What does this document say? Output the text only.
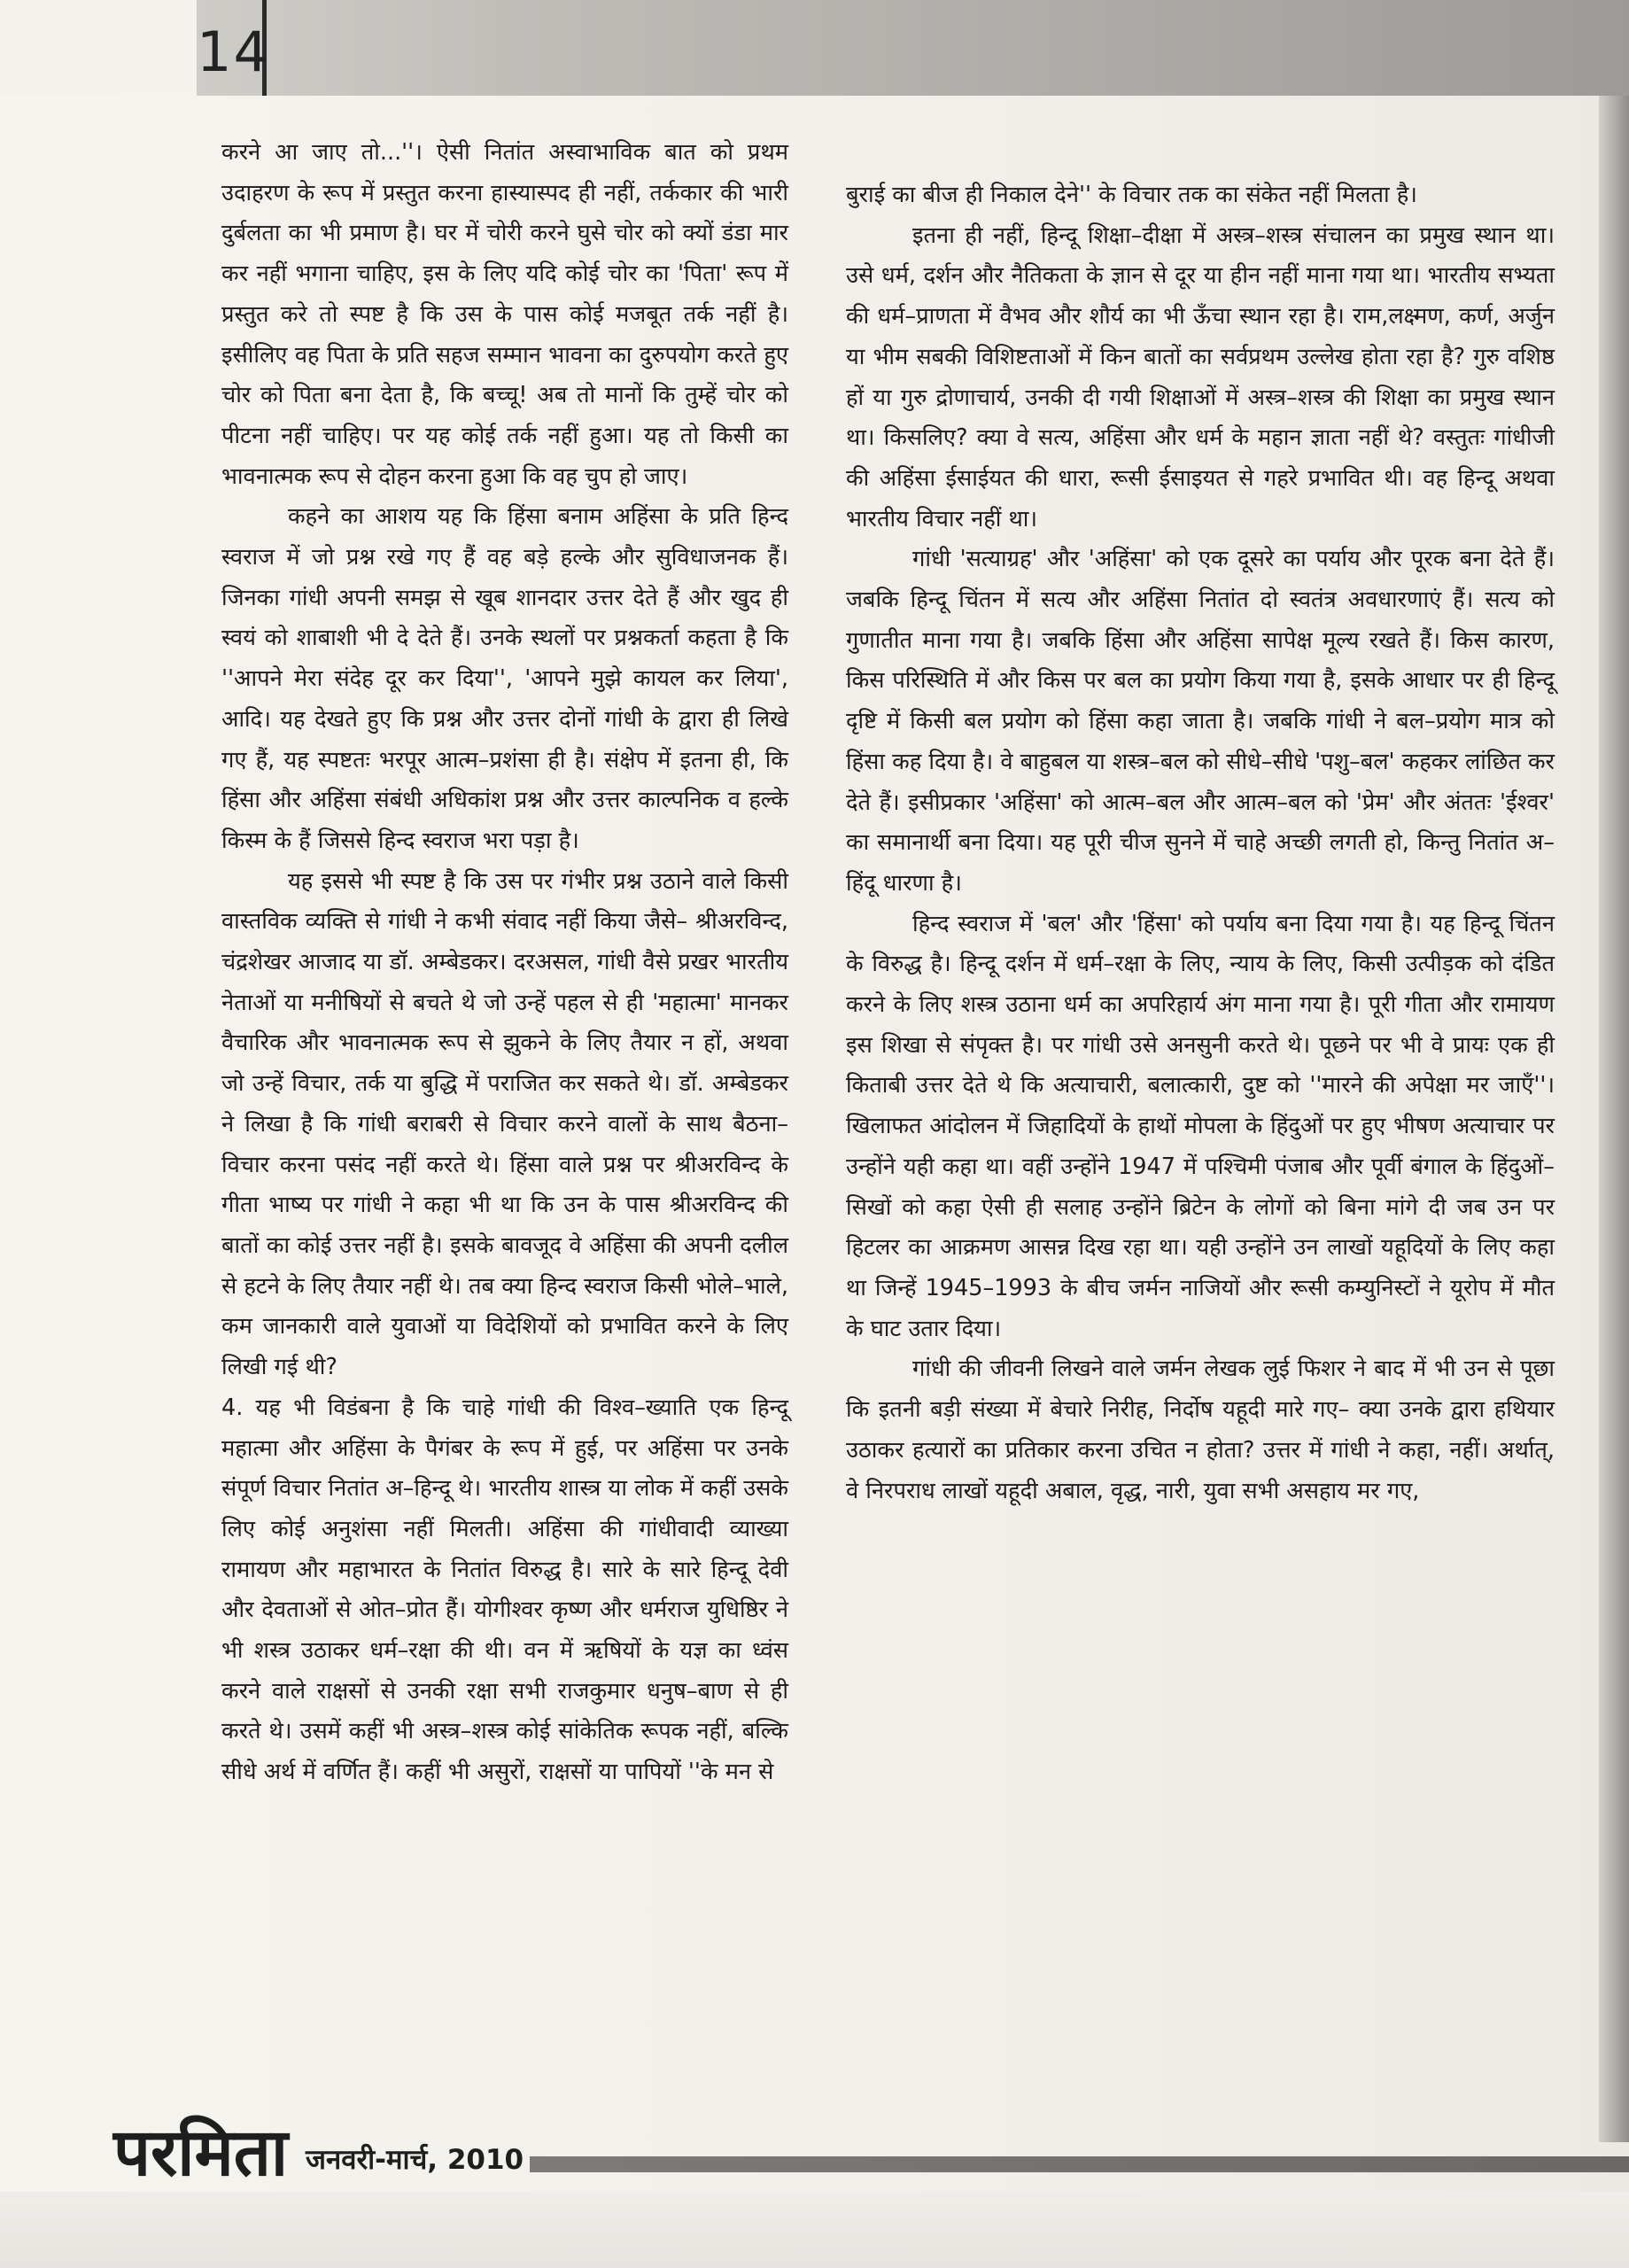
14

करने आ जाए तो...''। ऐसी नितांत अस्वाभाविक बात को प्रथम उदाहरण के रूप में प्रस्तुत करना हास्यास्पद ही नहीं, तर्ककार की भारी दुर्बलता का भी प्रमाण है। घर में चोरी करने घुसे चोर को क्यों डंडा मार कर नहीं भगाना चाहिए, इस के लिए यदि कोई चोर का 'पिता' रूप में प्रस्तुत करे तो स्पष्ट है कि उस के पास कोई मजबूत तर्क नहीं है। इसीलिए वह पिता के प्रति सहज सम्मान भावना का दुरुपयोग करते हुए चोर को पिता बना देता है, कि बच्चू! अब तो मानों कि तुम्हें चोर को पीटना नहीं चाहिए। पर यह कोई तर्क नहीं हुआ। यह तो किसी का भावनात्मक रूप से दोहन करना हुआ कि वह चुप हो जाए।

कहने का आशय यह कि हिंसा बनाम अहिंसा के प्रति हिन्द स्वराज में जो प्रश्न रखे गए हैं वह बड़े हल्के और सुविधाजनक हैं। जिनका गांधी अपनी समझ से खूब शानदार उत्तर देते हैं और खुद ही स्वयं को शाबाशी भी दे देते हैं। उनके स्थलों पर प्रश्नकर्ता कहता है कि ''आपने मेरा संदेह दूर कर दिया'', 'आपने मुझे कायल कर लिया', आदि। यह देखते हुए कि प्रश्न और उत्तर दोनों गांधी के द्वारा ही लिखे गए हैं, यह स्पष्टतः भरपूर आत्म–प्रशंसा ही है। संक्षेप में इतना ही, कि हिंसा और अहिंसा संबंधी अधिकांश प्रश्न और उत्तर काल्पनिक व हल्के किस्म के हैं जिससे हिन्द स्वराज भरा पड़ा है।

यह इससे भी स्पष्ट है कि उस पर गंभीर प्रश्न उठाने वाले किसी वास्तविक व्यक्ति से गांधी ने कभी संवाद नहीं किया जैसे– श्रीअरविन्द, चंद्रशेखर आजाद या डॉ. अम्बेडकर। दरअसल, गांधी वैसे प्रखर भारतीय नेताओं या मनीषियों से बचते थे जो उन्हें पहल से ही 'महात्मा' मानकर वैचारिक और भावनात्मक रूप से झुकने के लिए तैयार न हों, अथवा जो उन्हें विचार, तर्क या बुद्धि में पराजित कर सकते थे। डॉ. अम्बेडकर ने लिखा है कि गांधी बराबरी से विचार करने वालों के साथ बैठना–विचार करना पसंद नहीं करते थे। हिंसा वाले प्रश्न पर श्रीअरविन्द के गीता भाष्य पर गांधी ने कहा भी था कि उन के पास श्रीअरविन्द की बातों का कोई उत्तर नहीं है। इसके बावजूद वे अहिंसा की अपनी दलील से हटने के लिए तैयार नहीं थे। तब क्या हिन्द स्वराज किसी भोले–भाले, कम जानकारी वाले युवाओं या विदेशियों को प्रभावित करने के लिए लिखी गई थी?

4. यह भी विडंबना है कि चाहे गांधी की विश्व–ख्याति एक हिन्दू महात्मा और अहिंसा के पैगंबर के रूप में हुई, पर अहिंसा पर उनके संपूर्ण विचार नितांत अ–हिन्दू थे। भारतीय शास्त्र या लोक में कहीं उसके लिए कोई अनुशंसा नहीं मिलती। अहिंसा की गांधीवादी व्याख्या रामायण और महाभारत के नितांत विरुद्ध है। सारे के सारे हिन्दू देवी और देवताओं से ओत–प्रोत हैं। योगीश्वर कृष्ण और धर्मराज युधिष्ठिर ने भी शस्त्र उठाकर धर्म–रक्षा की थी। वन में ऋषियों के यज्ञ का ध्वंस करने वाले राक्षसों से उनकी रक्षा सभी राजकुमार धनुष–बाण से ही करते थे। उसमें कहीं भी अस्त्र–शस्त्र कोई सांकेतिक रूपक नहीं, बल्कि सीधे अर्थ में वर्णित हैं। कहीं भी असुरों, राक्षसों या पापियों ''के मन से

बुराई का बीज ही निकाल देने'' के विचार तक का संकेत नहीं मिलता है।

इतना ही नहीं, हिन्दू शिक्षा–दीक्षा में अस्त्र–शस्त्र संचालन का प्रमुख स्थान था। उसे धर्म, दर्शन और नैतिकता के ज्ञान से दूर या हीन नहीं माना गया था। भारतीय सभ्यता की धर्म–प्राणता में वैभव और शौर्य का भी ऊँचा स्थान रहा है। राम,लक्ष्मण, कर्ण, अर्जुन या भीम सबकी विशिष्टताओं में किन बातों का सर्वप्रथम उल्लेख होता रहा है? गुरु वशिष्ठ हों या गुरु द्रोणाचार्य, उनकी दी गयी शिक्षाओं में अस्त्र–शस्त्र की शिक्षा का प्रमुख स्थान था। किसलिए? क्या वे सत्य, अहिंसा और धर्म के महान ज्ञाता नहीं थे? वस्तुतः गांधीजी की अहिंसा ईसाईयत की धारा, रूसी ईसाइयत से गहरे प्रभावित थी। वह हिन्दू अथवा भारतीय विचार नहीं था।

गांधी 'सत्याग्रह' और 'अहिंसा' को एक दूसरे का पर्याय और पूरक बना देते हैं। जबकि हिन्दू चिंतन में सत्य और अहिंसा नितांत दो स्वतंत्र अवधारणाएं हैं। सत्य को गुणातीत माना गया है। जबकि हिंसा और अहिंसा सापेक्ष मूल्य रखते हैं। किस कारण, किस परिस्थिति में और किस पर बल का प्रयोग किया गया है, इसके आधार पर ही हिन्दू दृष्टि में किसी बल प्रयोग को हिंसा कहा जाता है। जबकि गांधी ने बल–प्रयोग मात्र को हिंसा कह दिया है। वे बाहुबल या शस्त्र–बल को सीधे–सीधे 'पशु–बल' कहकर लांछित कर देते हैं। इसीप्रकार 'अहिंसा' को आत्म–बल और आत्म–बल को 'प्रेम' और अंततः 'ईश्वर' का समानार्थी बना दिया। यह पूरी चीज सुनने में चाहे अच्छी लगती हो, किन्तु नितांत अ–हिंदू धारणा है।

हिन्द स्वराज में 'बल' और 'हिंसा' को पर्याय बना दिया गया है। यह हिन्दू चिंतन के विरुद्ध है। हिन्दू दर्शन में धर्म–रक्षा के लिए, न्याय के लिए, किसी उत्पीड़क को दंडित करने के लिए शस्त्र उठाना धर्म का अपरिहार्य अंग माना गया है। पूरी गीता और रामायण इस शिखा से संपृक्त है। पर गांधी उसे अनसुनी करते थे। पूछने पर भी वे प्रायः एक ही किताबी उत्तर देते थे कि अत्याचारी, बलात्कारी, दुष्ट को ''मारने की अपेक्षा मर जाएँ''। खिलाफत आंदोलन में जिहादियों के हाथों मोपला के हिंदुओं पर हुए भीषण अत्याचार पर उन्होंने यही कहा था। वहीं उन्होंने 1947 में पश्चिमी पंजाब और पूर्वी बंगाल के हिंदुओं–सिखों को कहा ऐसी ही सलाह उन्होंने ब्रिटेन के लोगों को बिना मांगे दी जब उन पर हिटलर का आक्रमण आसन्न दिख रहा था। यही उन्होंने उन लाखों यहूदियों के लिए कहा था जिन्हें 1945–1993 के बीच जर्मन नाजियों और रूसी कम्युनिस्टों ने यूरोप में मौत के घाट उतार दिया।

गांधी की जीवनी लिखने वाले जर्मन लेखक लुई फिशर ने बाद में भी उन से पूछा कि इतनी बड़ी संख्या में बेचारे निरीह, निर्दोष यहूदी मारे गए– क्या उनके द्वारा हथियार उठाकर हत्यारों का प्रतिकार करना उचित न होता? उत्तर में गांधी ने कहा, नहीं। अर्थात्, वे निरपराध लाखों यहूदी अबाल, वृद्ध, नारी, युवा सभी असहाय मर गए,

परमिता जनवरी-मार्च, 2010
